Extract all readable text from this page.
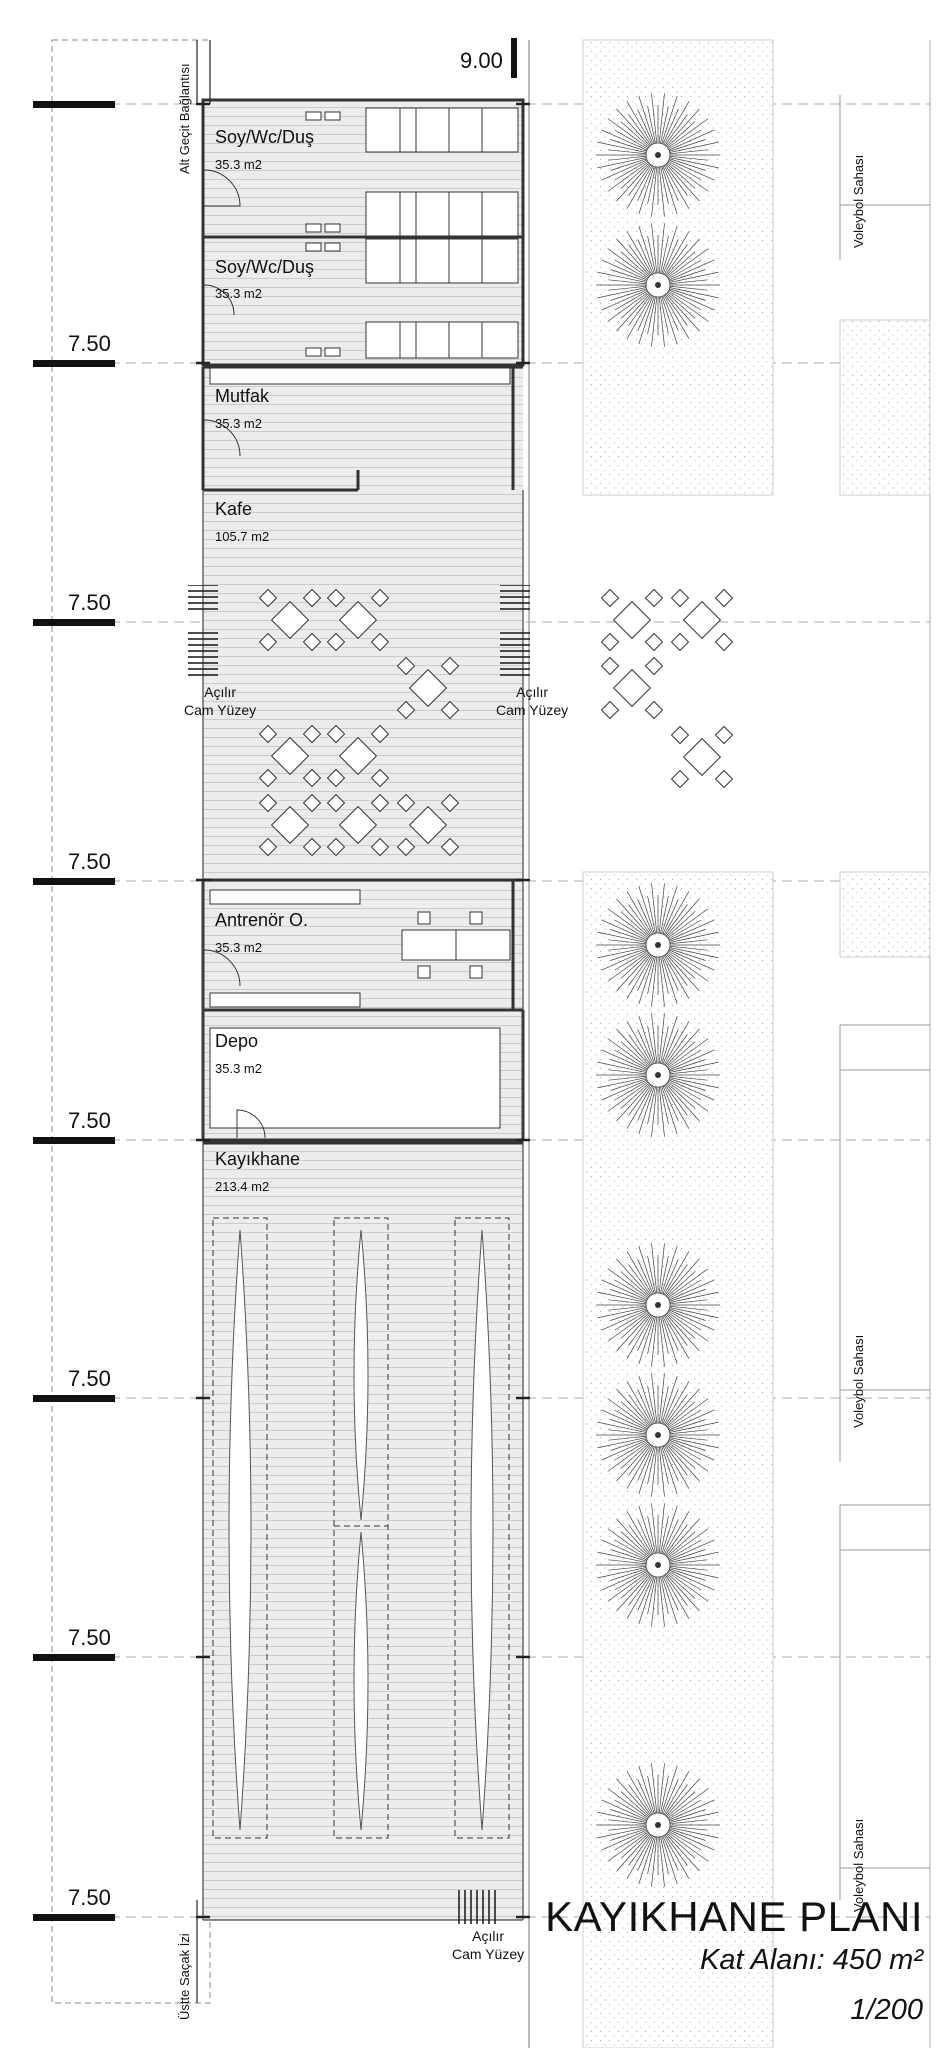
9.00
7.50
7.50
7.50
7.50
7.50
7.50
7.50
Soy/Wc/Duş
35.3 m2
Soy/Wc/Duş
35.3 m2
Mutfak
35.3 m2
Kafe
105.7 m2
Antrenör O.
35.3 m2
Depo
35.3 m2
Kayıkhane
213.4 m2
Açılır
Cam Yüzey
Açılır
Cam Yüzey
Açılır
Cam Yüzey
Alt Geçit Bağlantısı
Üstte Saçak İzi
Voleybol Sahası
Voleybol Sahası
Voleybol Sahası
KAYIKHANE PLANI
Kat Alanı: 450 m²
1/200
